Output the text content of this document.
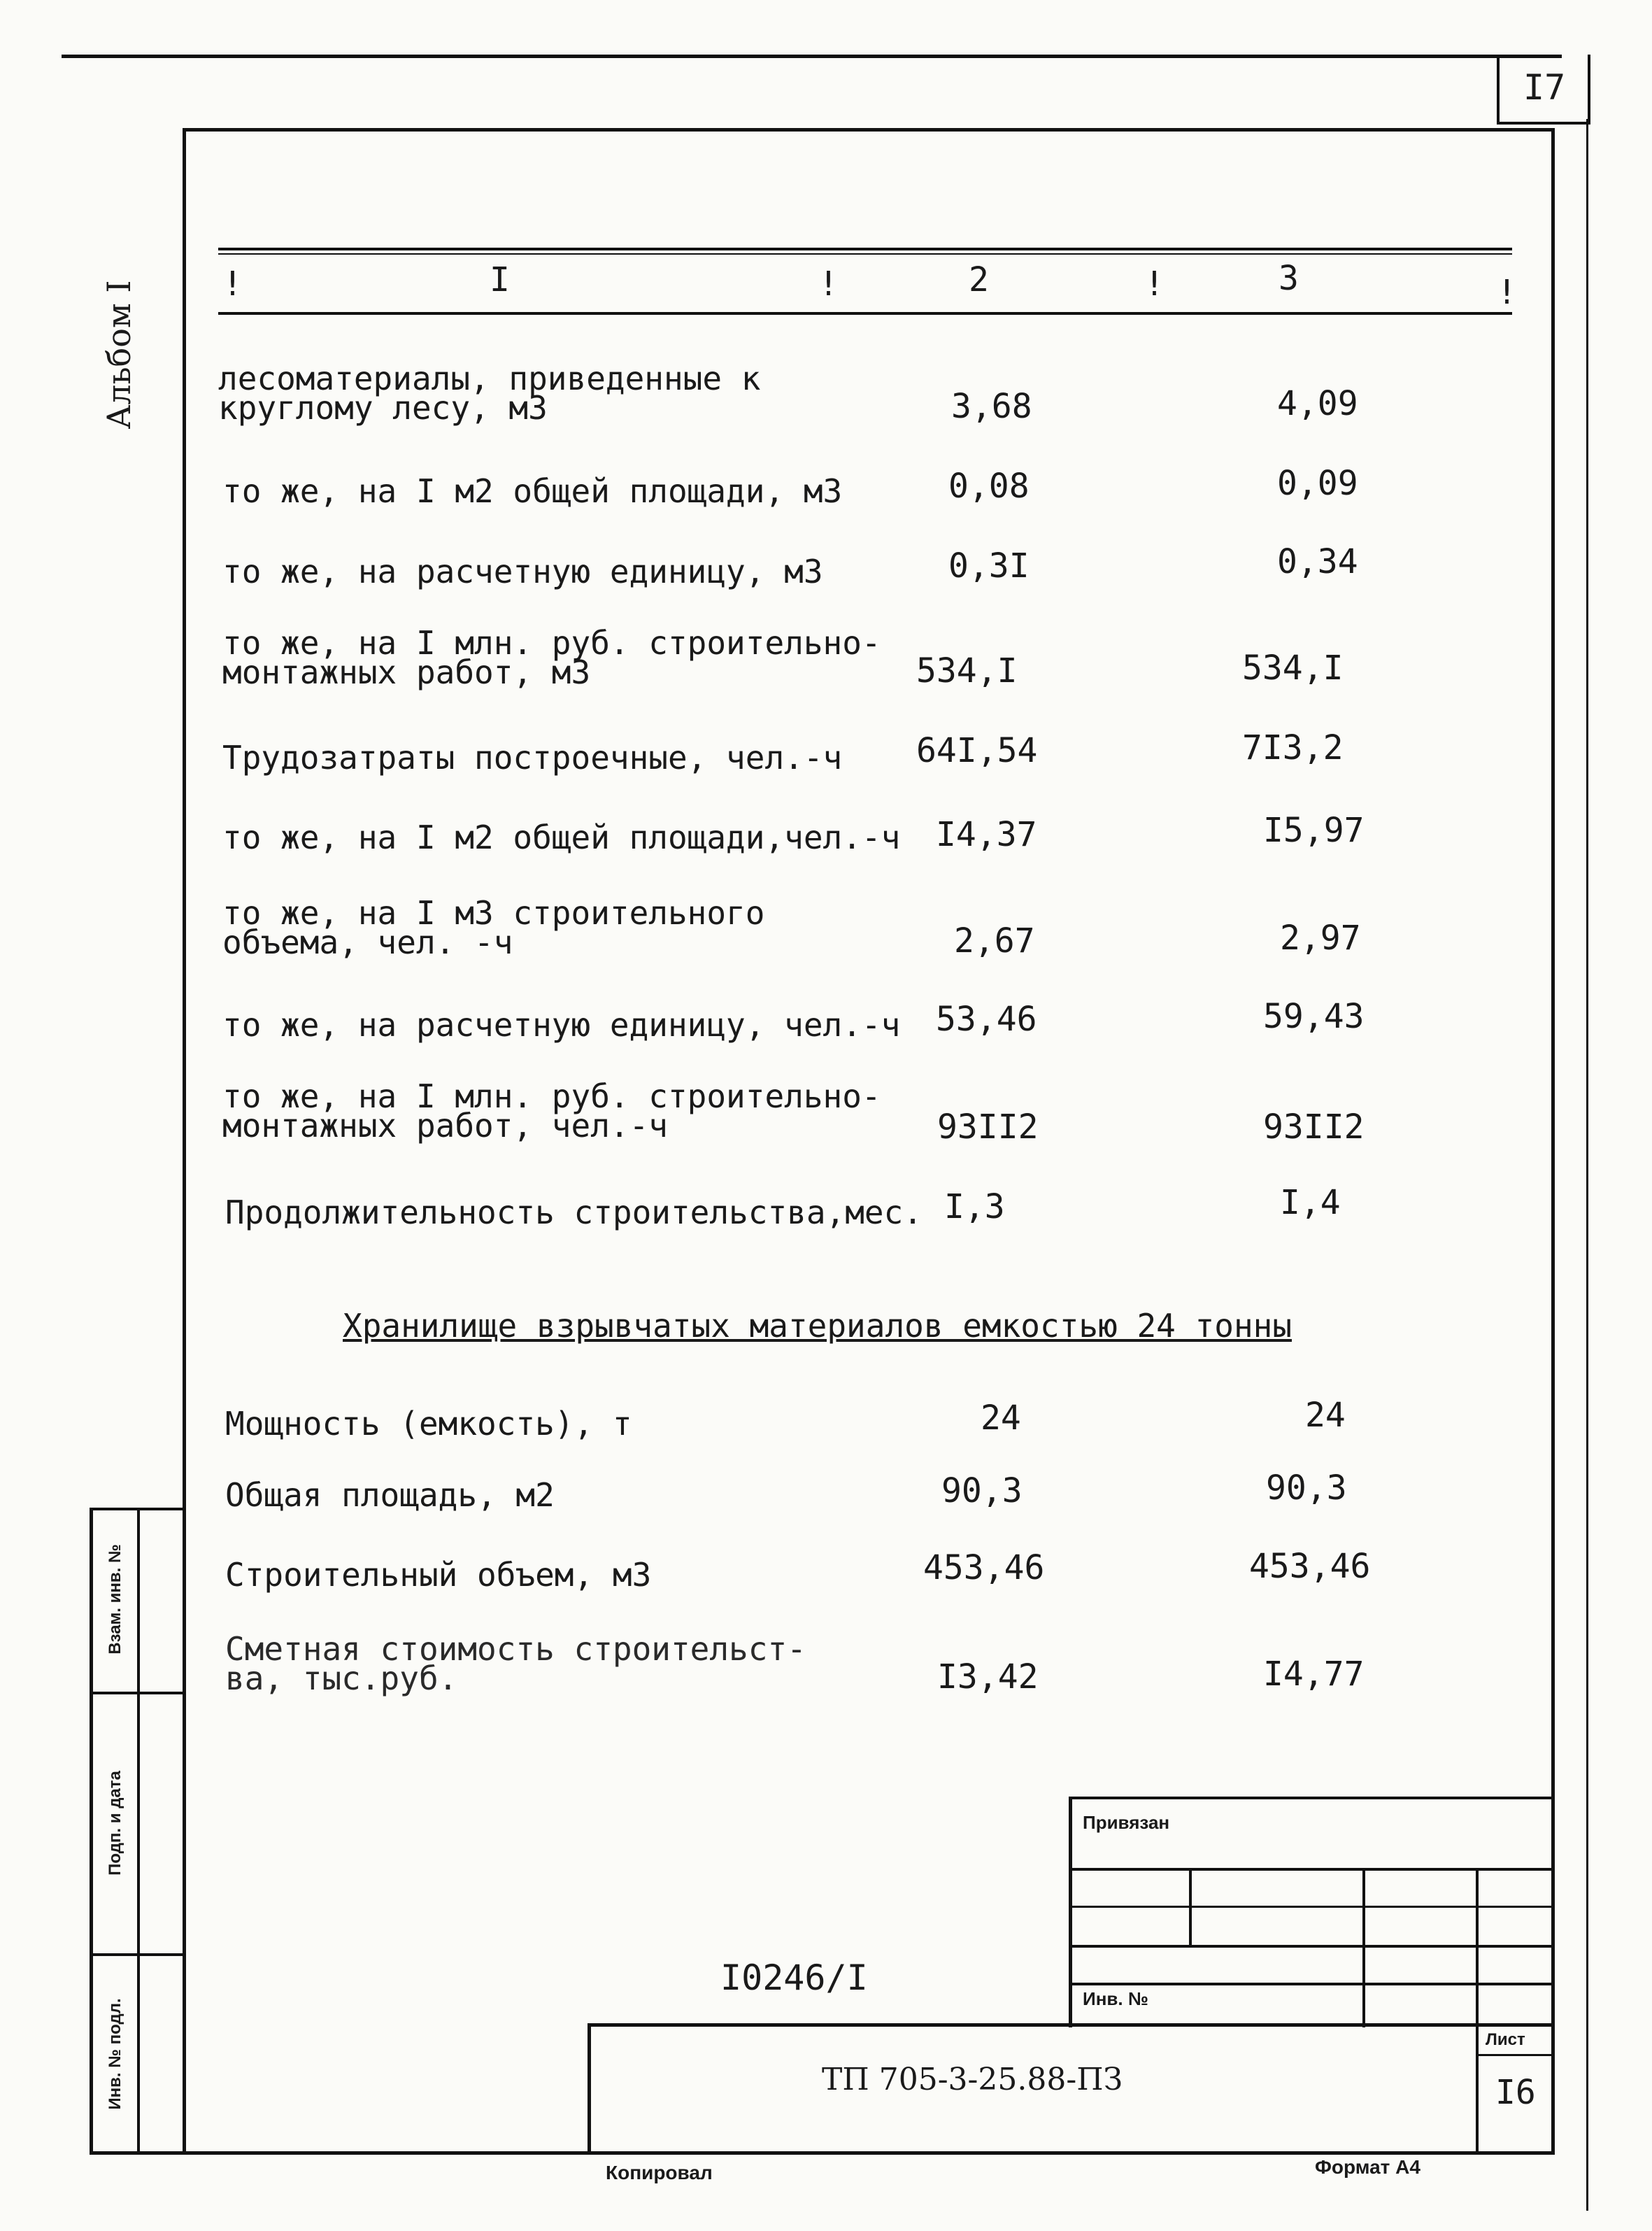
I7
Альбом I	!	I	!	2	!	3	!
лесоматериалы, приведенные к
круглому лесу, м3	3,68	4,09
то же, на I м2 общей площади, м3	0,08	0,09
то же, на расчетную единицу, м3	0,3I	0,34
то же, на I млн. руб. строительно-
монтажных работ, м3	534,I	534,I
Трудозатраты построечные, чел.-ч 64I,54	7I3,2
то же, на I м2 общей площади,чел.-ч I4,37	I5,97
то же, на I м3 строительного
объема, чел. -ч	2,67	2,97
то же, на расчетную единицу, чел.-ч 53,46	59,43
то же, на I млн. руб. строительно-
монтажных работ, чел.-ч	93II2	93II2
Продолжительность строительства,мес. I,3	I,4
Хранилище взрывчатых материалов емкостью 24 тонны
Мощность (емкость), т	24	24
Общая площадь, м2	90,3	90,3
Строительный объем, м3	453,46	453,46
Сметная стоимость строительст-
ва, тыс.руб.	I3,42	I4,77
I0246/I
Взам. инв. №
Подп. и дата
Инв. № подл.
Привязан
Инв. №
ТП 705-3-25.88-ПЗ
Лист
I6
Копировал	Формат А4
